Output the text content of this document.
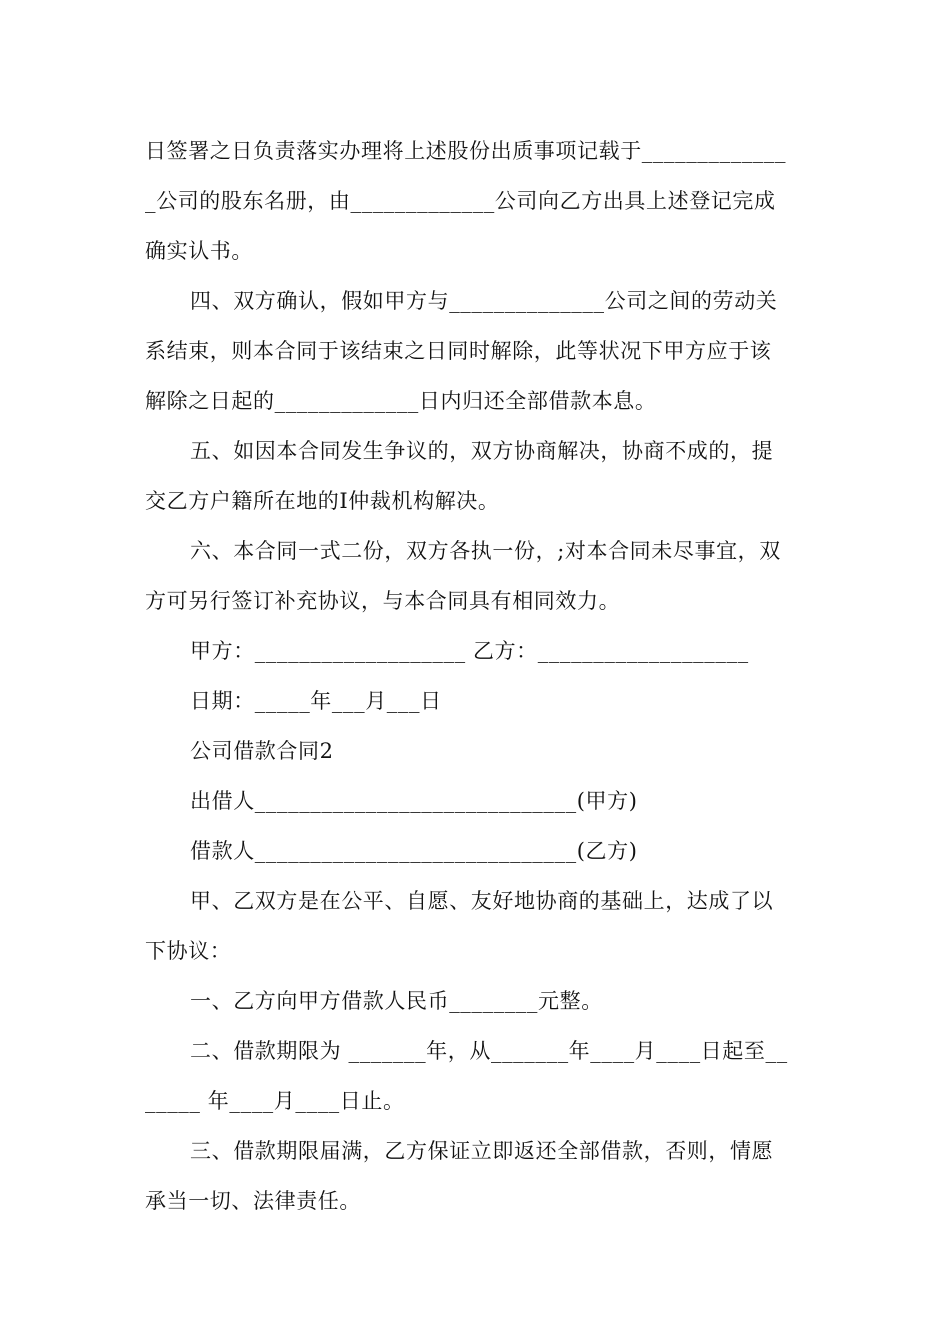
日签署之日负责落实办理将上述股份出质事项记载于_____________
_公司的股东名册，由_____________公司向乙方出具上述登记完成
确实认书。
四、双方确认，假如甲方与______________公司之间的劳动关
系结束，则本合同于该结束之日同时解除，此等状况下甲方应于该
解除之日起的_____________日内归还全部借款本息。
五、如因本合同发生争议的，双方协商解决，协商不成的，提
交乙方户籍所在地的Ⅰ仲裁机构解决。
六、本合同一式二份，双方各执一份，;对本合同未尽事宜，双
方可另行签订补充协议，与本合同具有相同效力。
甲方：___________________ 乙方：___________________
日期：_____年___月___日
公司借款合同2
出借人_____________________________(甲方)
借款人_____________________________(乙方)
甲、乙双方是在公平、自愿、友好地协商的基础上，达成了以
下协议：
一、乙方向甲方借款人民币________元整。
二、借款期限为 _______年，从_______年____月____日起至__
_____ 年____月____日止。
三、借款期限届满，乙方保证立即返还全部借款，否则，情愿
承当一切、法律责任。
